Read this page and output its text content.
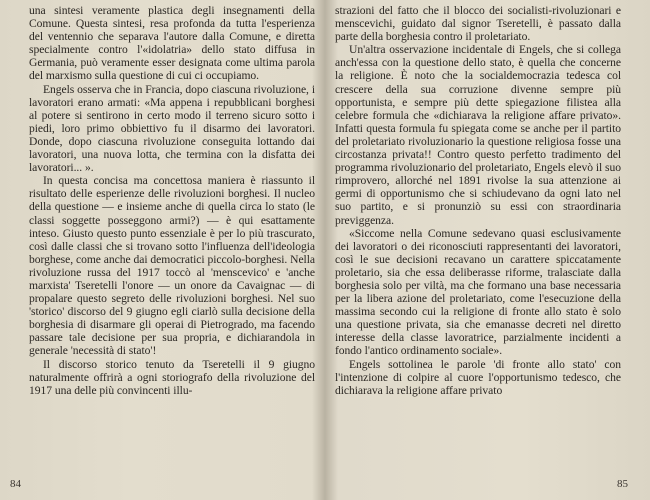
una sintesi veramente plastica degli insegnamenti della Comune. Questa sintesi, resa profonda da tutta l'esperienza del ventennio che separava l'autore dalla Comune, e diretta specialmente contro l'«idolatria» dello stato diffusa in Germania, può veramente esser designata come ultima parola del marxismo sulla questione di cui ci occupiamo.

Engels osserva che in Francia, dopo ciascuna rivoluzione, i lavoratori erano armati: «Ma appena i repubblicani borghesi al potere si sentirono in certo modo il terreno sicuro sotto i piedi, loro primo obbiettivo fu il disarmo dei lavoratori. Donde, dopo ciascuna rivoluzione conseguita lottando dai lavoratori, una nuova lotta, che termina con la disfatta dei lavoratori... ».

In questa concisa ma concettosa maniera è riassunto il risultato delle esperienze delle rivoluzioni borghesi. Il nucleo della questione — e insieme anche di quella circa lo stato (le classi soggette posseggono armi?) — è qui esattamente inteso. Giusto questo punto essenziale è per lo più trascurato, così dalle classi che si trovano sotto l'influenza dell'ideologia borghese, come anche dai democratici piccolo-borghesi. Nella rivoluzione russa del 1917 toccò al 'menscevico' e 'anche marxista' Tseretelli l'onore — un onore da Cavaignac — di propalare questo segreto delle rivoluzioni borghesi. Nel suo 'storico' discorso del 9 giugno egli ciarlò sulla decisione della borghesia di disarmare gli operai di Pietrogrado, ma facendo passare tale decisione per sua propria, e dichiarandola in generale 'necessità di stato'!

Il discorso storico tenuto da Tseretelli il 9 giugno naturalmente offrirà a ogni storiografo della rivoluzione del 1917 una delle più convincenti illu-

84

strazioni del fatto che il blocco dei socialisti-rivoluzionari e menscevichi, guidato dal signor Tseretelli, è passato dalla parte della borghesia contro il proletariato.

Un'altra osservazione incidentale di Engels, che si collega anch'essa con la questione dello stato, è quella che concerne la religione. È noto che la socialdemocrazia tedesca col crescere della sua corruzione divenne sempre più opportunista, e sempre più dette spiegazione filistea alla celebre formula che «dichiarava la religione affare privato». Infatti questa formula fu spiegata come se anche per il partito del proletariato rivoluzionario la questione religiosa fosse una circostanza privata!! Contro questo perfetto tradimento del programma rivoluzionario del proletariato, Engels elevò il suo rimprovero, allorché nel 1891 rivolse la sua attenzione ai germi di opportunismo che si schiudevano da ogni lato nel suo partito, e si pronunziò su essi con straordinaria previggenza.

«Siccome nella Comune sedevano quasi esclusivamente dei lavoratori o dei riconosciuti rappresentanti dei lavoratori, così le sue decisioni recavano un carattere spiccatamente proletario, sia che essa deliberasse riforme, tralasciate dalla borghesia solo per viltà, ma che formano una base necessaria per la libera azione del proletariato, come l'esecuzione della massima secondo cui la religione di fronte allo stato è solo una questione privata, sia che emanasse decreti nel diretto interesse della classe lavoratrice, parzialmente incidenti a fondo l'antico ordinamento sociale».

Engels sottolinea le parole 'di fronte allo stato' con l'intenzione di colpire al cuore l'opportunismo tedesco, che dichiarava la religione affare privato

85
